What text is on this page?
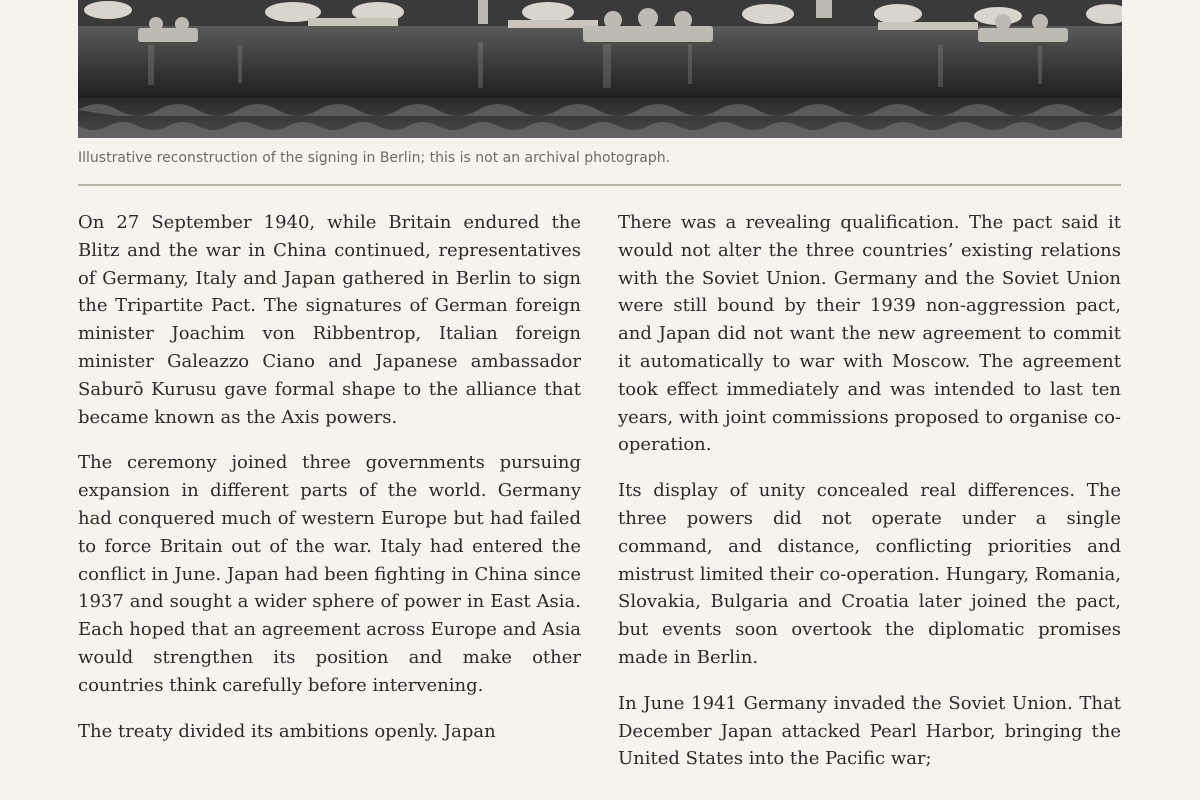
Illustrative reconstruction of the signing in Berlin; this is not an archival photograph.

On 27 September 1940, while Britain endured the Blitz and the war in China continued, representatives of Germany, Italy and Japan gathered in Berlin to sign the Tripartite Pact. The signatures of German foreign minister Joachim von Ribbentrop, Italian foreign minister Galeazzo Ciano and Japanese ambassador Saburō Kurusu gave formal shape to the alliance that became known as the Axis powers.

The ceremony joined three governments pursuing expansion in different parts of the world. Germany had conquered much of western Europe but had failed to force Britain out of the war. Italy had entered the conflict in June. Japan had been fighting in China since 1937 and sought a wider sphere of power in East Asia. Each hoped that an agreement across Europe and Asia would strengthen its position and make other countries think carefully before intervening.

The treaty divided its ambitions openly. Japan

There was a revealing qualification. The pact said it would not alter the three countries’ existing relations with the Soviet Union. Germany and the Soviet Union were still bound by their 1939 non-aggression pact, and Japan did not want the new agreement to commit it automatically to war with Moscow. The agreement took effect immediately and was intended to last ten years, with joint commissions proposed to organise co-operation.

Its display of unity concealed real differences. The three powers did not operate under a single command, and distance, conflicting priorities and mistrust limited their co-operation. Hungary, Romania, Slovakia, Bulgaria and Croatia later joined the pact, but events soon overtook the diplomatic promises made in Berlin.

In June 1941 Germany invaded the Soviet Union. That December Japan attacked Pearl Harbor, bringing the United States into the Pacific war;
